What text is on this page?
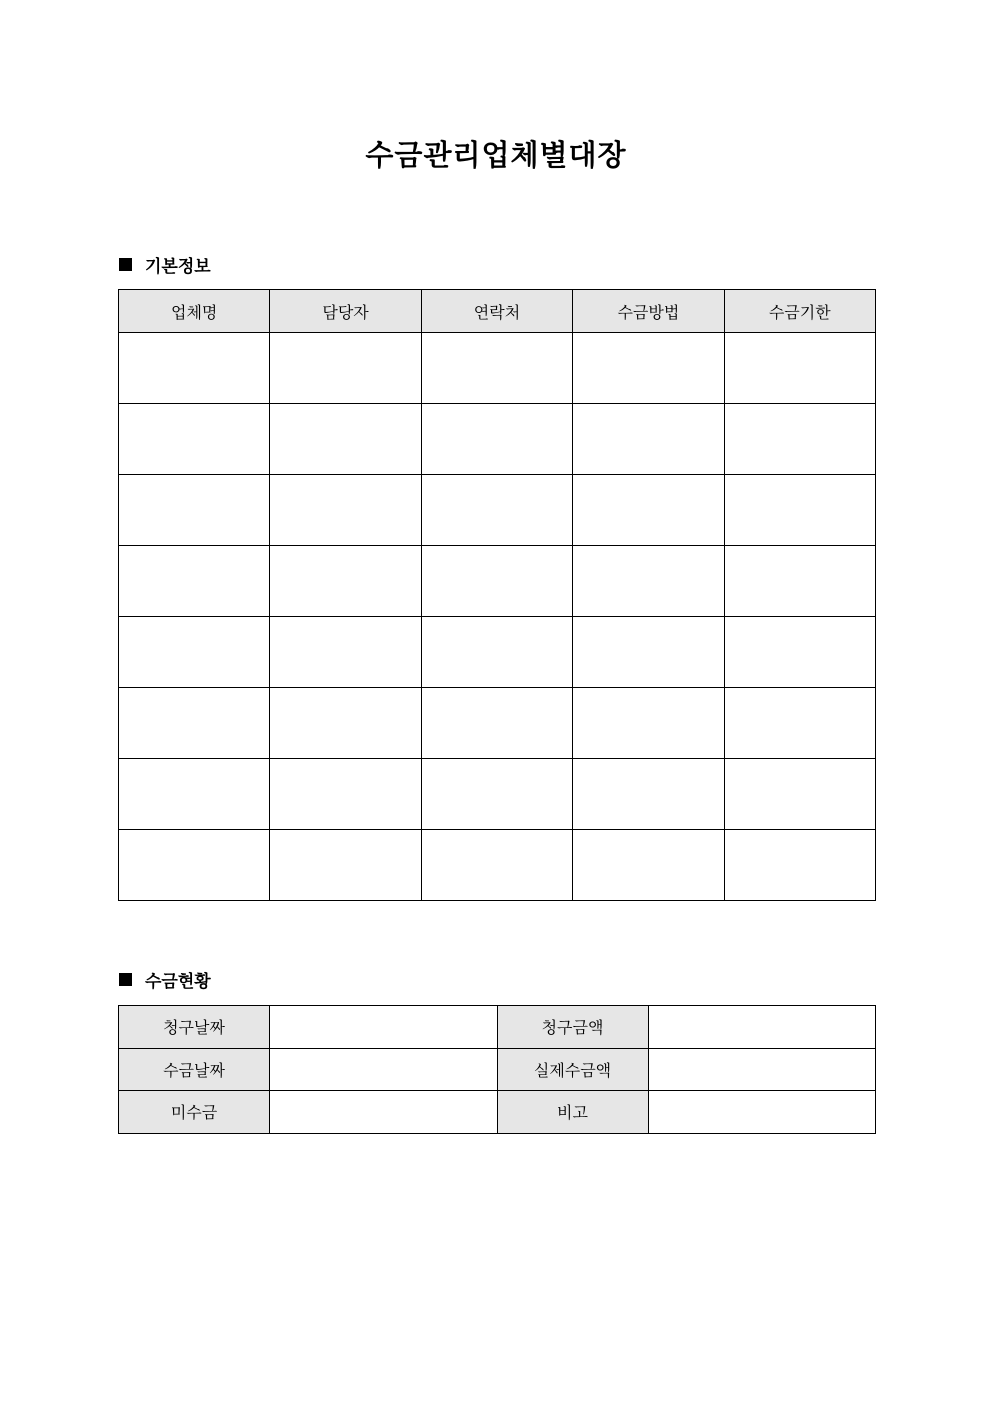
수금관리업체별대장
기본정보
업체명	담당자	연락처	수금방법	수금기한

수금현황
청구날짜		청구금액	
수금날짜		실제수금액	
미수금		비고	
